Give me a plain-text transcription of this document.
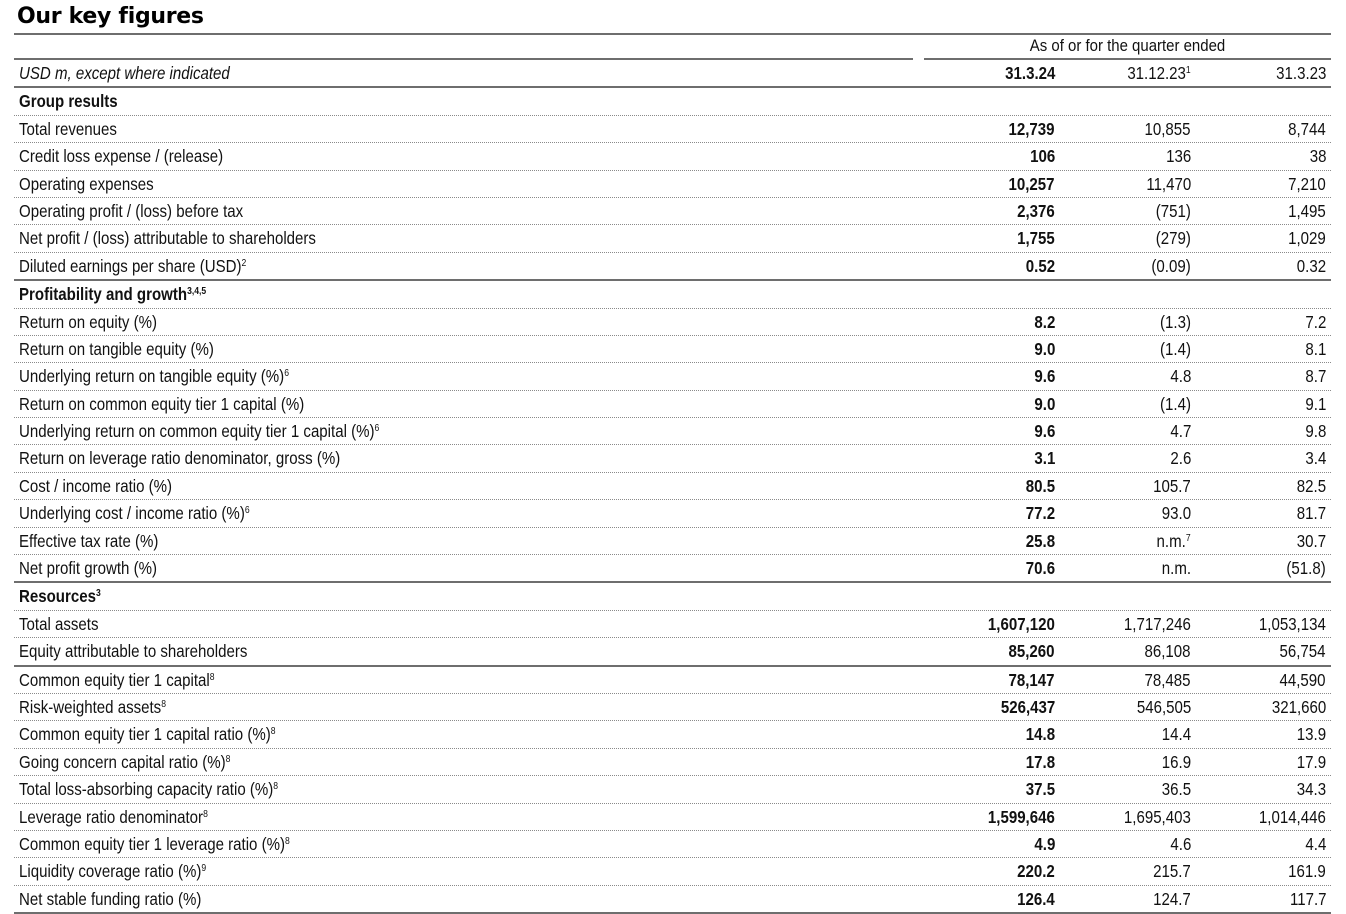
Our key figures
As of or for the quarter ended
USD m, except where indicated	31.3.24	31.12.23$^1$	31.3.23
Group results
Total revenues	12,739	10,855	8,744
Credit loss expense / (release)	106	136	38
Operating expenses	10,257	11,470	7,210
Operating profit / (loss) before tax	2,376	(751)	1,495
Net profit / (loss) attributable to shareholders	1,755	(279)	1,029
Diluted earnings per share (USD)$^2$	0.52	(0.09)	0.32
Profitability and growth$^{3,4,5}$
Return on equity (%)	8.2	(1.3)	7.2
Return on tangible equity (%)	9.0	(1.4)	8.1
Underlying return on tangible equity (%)$^6$	9.6	4.8	8.7
Return on common equity tier 1 capital (%)	9.0	(1.4)	9.1
Underlying return on common equity tier 1 capital (%)$^6$	9.6	4.7	9.8
Return on leverage ratio denominator, gross (%)	3.1	2.6	3.4
Cost / income ratio (%)	80.5	105.7	82.5
Underlying cost / income ratio (%)$^6$	77.2	93.0	81.7
Effective tax rate (%)	25.8	n.m.$^7$	30.7
Net profit growth (%)	70.6	n.m.	(51.8)
Resources$^3$
Total assets	1,607,120	1,717,246	1,053,134
Equity attributable to shareholders	85,260	86,108	56,754
Common equity tier 1 capital$^8$	78,147	78,485	44,590
Risk-weighted assets$^8$	526,437	546,505	321,660
Common equity tier 1 capital ratio (%)$^8$	14.8	14.4	13.9
Going concern capital ratio (%)$^8$	17.8	16.9	17.9
Total loss-absorbing capacity ratio (%)$^8$	37.5	36.5	34.3
Leverage ratio denominator$^8$	1,599,646	1,695,403	1,014,446
Common equity tier 1 leverage ratio (%)$^8$	4.9	4.6	4.4
Liquidity coverage ratio (%)$^9$	220.2	215.7	161.9
Net stable funding ratio (%)	126.4	124.7	117.7
